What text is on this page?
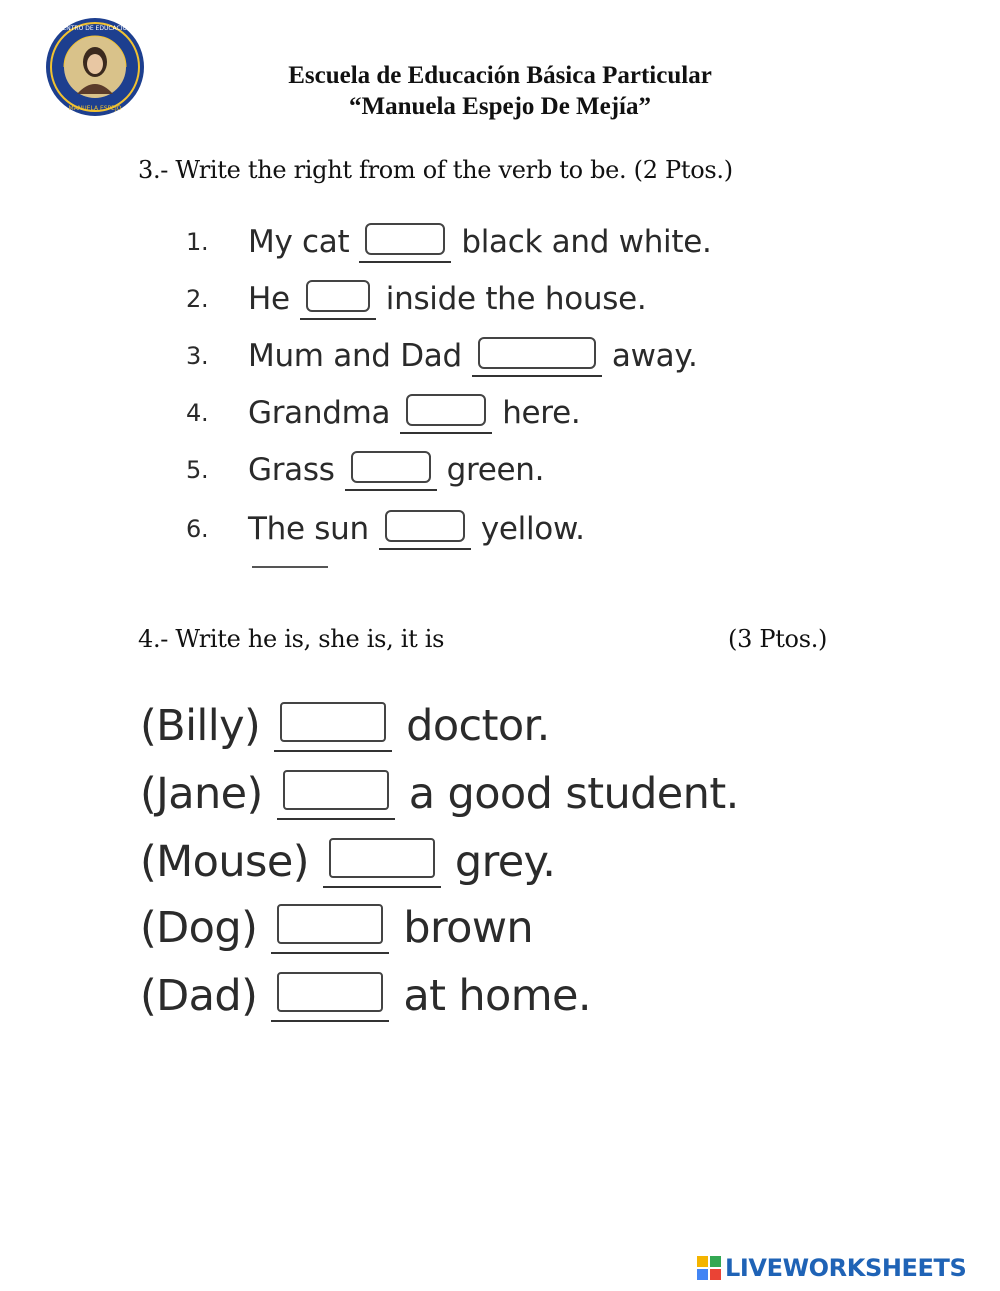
CENTRO DE EDUCACION
MANUELA ESPEJO
Escuela de Educación Básica Particular
“Manuela Espejo De Mejía”
3.- Write the right from of the verb to be. (2 Ptos.)
1.	My cat	black and white.
2.	He	inside the house.
3.	Mum and Dad	away.
4.	Grandma	here.
5.	Grass	green.
6.	The sun	yellow.
4.- Write he is, she is, it is	(3 Ptos.)
(Billy)	doctor.
(Jane)	a good student.
(Mouse)	grey.
(Dog)	brown
(Dad)	at home.
LIVEWORKSHEETS
